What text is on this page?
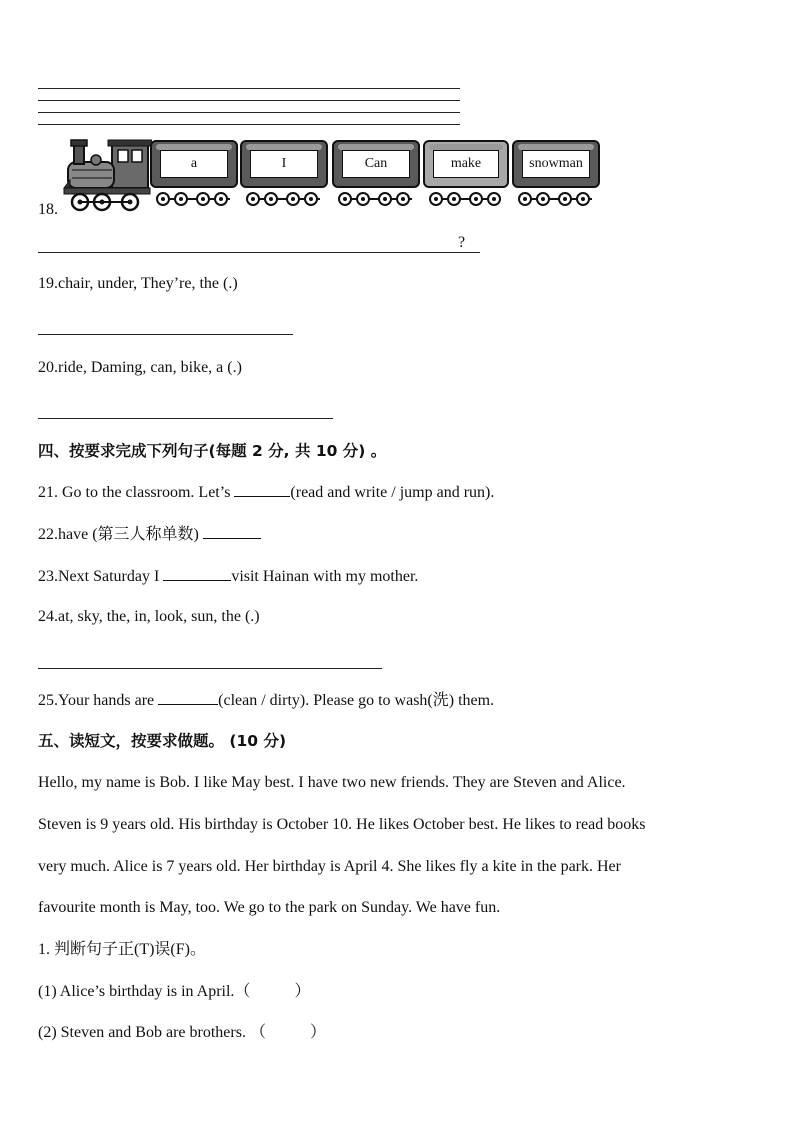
18.
a	I	Can	make	snowman
?
19.chair, under, They’re, the (.)
20.ride, Daming, can, bike, a (.)
四、按要求完成下列句子(每题 2 分, 共 10 分) 。
21. Go to the classroom. Let’s	(read and write / jump and run).
22.have (第三人称单数)
23.Next Saturday I	visit Hainan with my mother.
24.at, sky, the, in, look, sun, the (.)
25.Your hands are	(clean / dirty). Please go to wash(洗) them.
五、读短文，按要求做题。 (10 分)
Hello, my name is Bob. I like May best. I have two new friends. They are Steven and Alice.
Steven is 9 years old. His birthday is October 10. He likes October best. He likes to read books
very much. Alice is 7 years old. Her birthday is April 4. She likes fly a kite in the park. Her
favourite month is May, too. We go to the park on Sunday. We have fun.
1. 判断句子正(T)误(F)。
(1) Alice’s birthday is in April.（	）
(2) Steven and Bob are brothers. （	）
